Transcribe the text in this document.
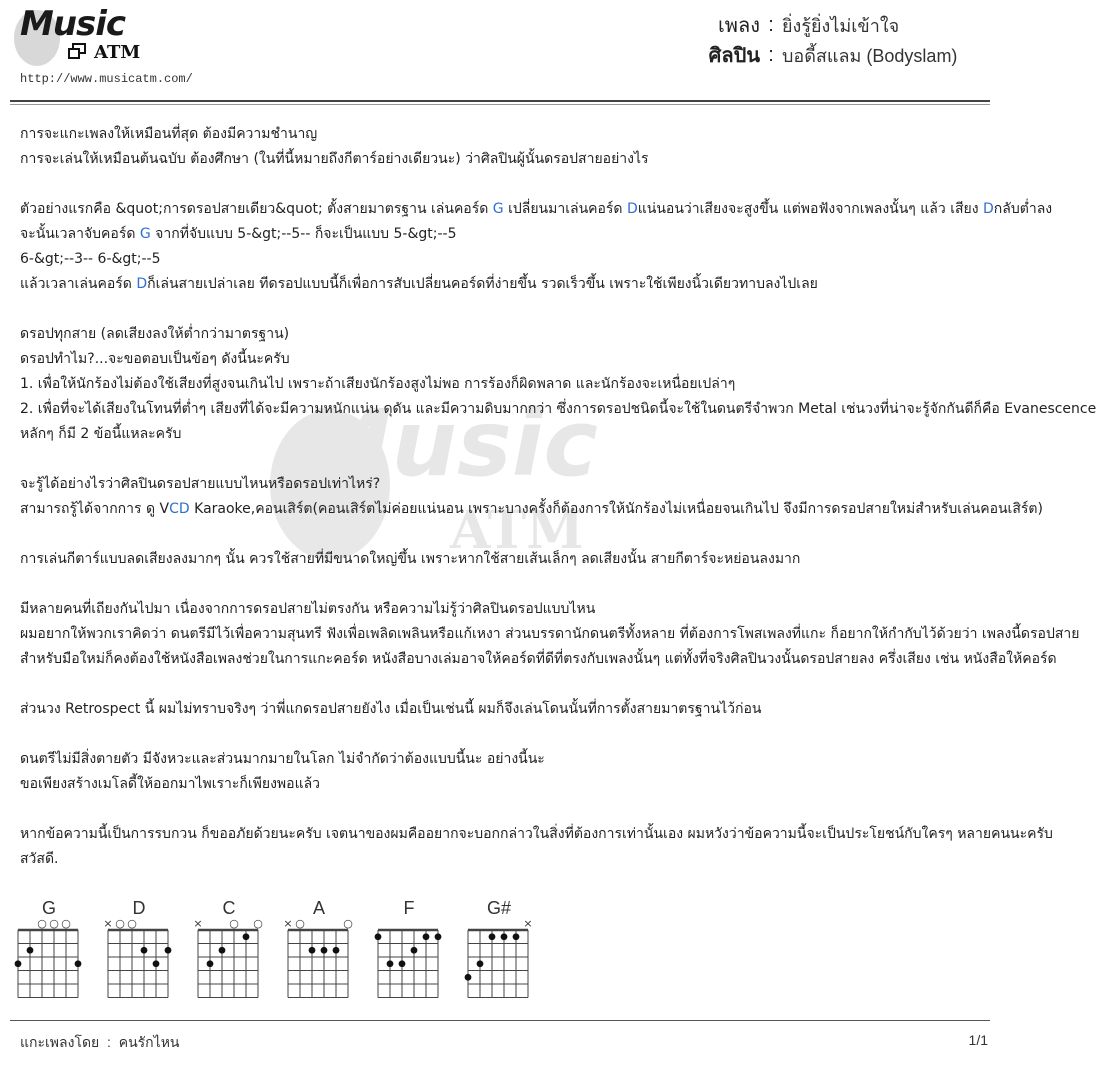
Music
ATM
http://www.musicatm.com/
เพลง : ยิ่งรู้ยิ่งไม่เข้าใจ
ศิลปิน : บอดี้สแลม (Bodyslam)
Music
ATM
การจะแกะเพลงให้เหมือนที่สุด ต้องมีความชำนาญ
การจะเล่นให้เหมือนต้นฉบับ ต้องศึกษา (ในที่นี้หมายถึงกีตาร์อย่างเดียวนะ) ว่าศิลปินผู้นั้นดรอปสายอย่างไร

ตัวอย่างแรกคือ &quot;การดรอปสายเดียว&quot; ตั้งสายมาตรฐาน เล่นคอร์ด G เปลี่ยนมาเล่นคอร์ด Dแน่นอนว่าเสียงจะสูงขึ้น แต่พอฟังจากเพลงนั้นๆ แล้ว เสียง Dกลับต่ำลง
จะนั้นเวลาจับคอร์ด G จากที่จับแบบ 5-&gt;--5-- ก็จะเป็นแบบ 5-&gt;--5
6-&gt;--3-- 6-&gt;--5
แล้วเวลาเล่นคอร์ด Dก็เล่นสายเปล่าเลย ทีดรอปแบบนี้ก็เพื่อการสับเปลี่ยนคอร์ดที่ง่ายขึ้น รวดเร็วขึ้น เพราะใช้เพียงนิ้วเดียวทาบลงไปเลย

ดรอปทุกสาย (ลดเสียงลงให้ต่ำกว่ามาตรฐาน)
ดรอปทำไม?...จะขอตอบเป็นข้อๆ ดังนี้นะครับ
1. เพื่อให้นักร้องไม่ต้องใช้เสียงที่สูงจนเกินไป เพราะถ้าเสียงนักร้องสูงไม่พอ การร้องก็ผิดพลาด และนักร้องจะเหนื่อยเปล่าๆ
2. เพื่อที่จะได้เสียงในโทนที่ต่ำๆ เสียงที่ได้จะมีความหนักแน่น ดุดัน และมีความดิบมากกว่า ซึ่งการดรอปชนิดนี้จะใช้ในดนตรีจำพวก Metal เช่นวงที่น่าจะรู้จักกันดีก็คือ Evanescence
หลักๆ ก็มี 2 ข้อนี้แหละครับ

จะรู้ได้อย่างไรว่าศิลปินดรอปสายแบบไหนหรือดรอปเท่าไหร่?
สามารถรู้ได้จากการ ดู VCD Karaoke,คอนเสิร์ต(คอนเสิร์ตไม่ค่อยแน่นอน เพราะบางครั้งก็ต้องการให้นักร้องไม่เหนื่อยจนเกินไป จึงมีการดรอปสายใหม่สำหรับเล่นคอนเสิร์ต)

การเล่นกีตาร์แบบลดเสียงลงมากๆ นั้น ควรใช้สายที่มีขนาดใหญ่ขึ้น เพราะหากใช้สายเส้นเล็กๆ ลดเสียงนั้น สายกีตาร์จะหย่อนลงมาก

มีหลายคนที่เถียงกันไปมา เนื่องจากการดรอปสายไม่ตรงกัน หรือความไม่รู้ว่าศิลปินดรอปแบบไหน
ผมอยากให้พวกเราคิดว่า ดนตรีมีไว้เพื่อความสุนทรี ฟังเพื่อเพลิดเพลินหรือแก้เหงา ส่วนบรรดานักดนตรีทั้งหลาย ที่ต้องการโพสเพลงที่แกะ ก็อยากให้กำกับไว้ด้วยว่า เพลงนี้ดรอปสาย
สำหรับมือใหม่ก็คงต้องใช้หนังสือเพลงช่วยในการแกะคอร์ด หนังสือบางเล่มอาจให้คอร์ดที่ดีที่ตรงกับเพลงนั้นๆ แต่ทั้งที่จริงศิลปินวงนั้นดรอปสายลง ครึ่งเสียง เช่น หนังสือให้คอร์ด

ส่วนวง Retrospect นี้ ผมไม่ทราบจริงๆ ว่าพี่แกดรอปสายยังไง เมื่อเป็นเช่นนี้ ผมก็จึงเล่นโดนนั้นที่การตั้งสายมาตรฐานไว้ก่อน

ดนตรีไม่มีสิ่งตายตัว มีจังหวะและส่วนมากมายในโลก ไม่จำกัดว่าต้องแบบนี้นะ อย่างนี้นะ
ขอเพียงสร้างเมโลดี้ให้ออกมาไพเราะก็เพียงพอแล้ว

หากข้อความนี้เป็นการรบกวน ก็ขออภัยด้วยนะครับ เจตนาของผมคืออยากจะบอกกล่าวในสิ่งที่ต้องการเท่านั้นเอง ผมหวังว่าข้อความนี้จะเป็นประโยชน์กับใครๆ หลายคนนะครับ
สวัสดี.
G
○ ○ ○
D
× ○ ○
C
× ○ ○
A
× ○	○
F	G#
×
แกะเพลงโดย : คนรักไหน	1/1
